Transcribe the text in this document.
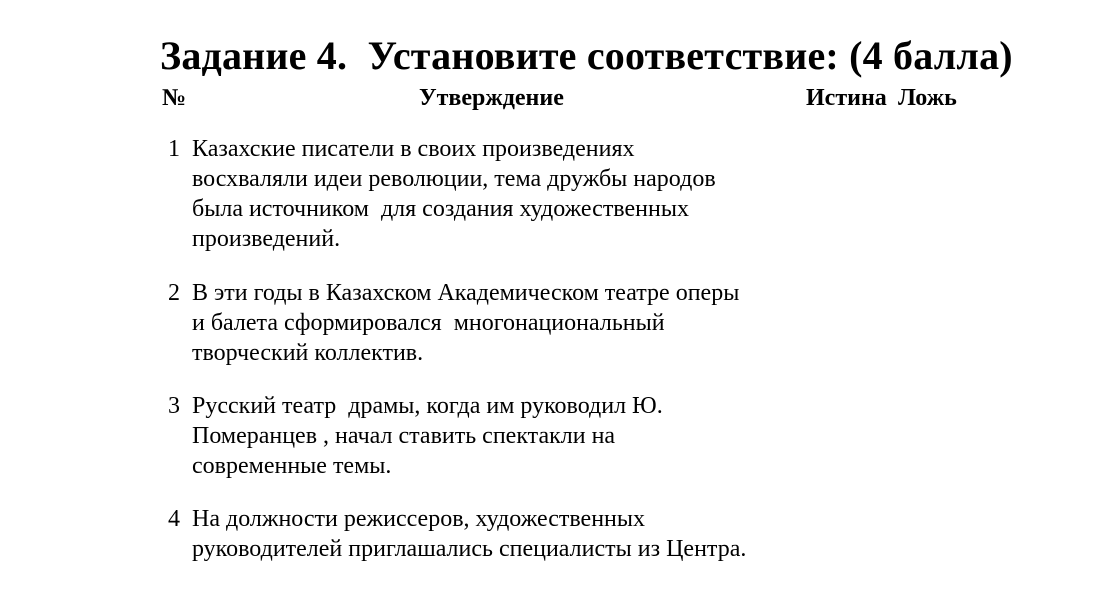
Задание 4.  Установите соответствие: (4 балла)
№	Утверждение	Истина Ложь
1 Казахские писатели в своих произведениях
восхваляли идеи революции, тема дружбы народов
была источником  для создания художественных
произведений.
2 В эти годы в Казахском Академическом театре оперы
и балета сформировался  многонациональный
творческий коллектив.
3 Русский театр  драмы, когда им руководил Ю.
Померанцев , начал ставить спектакли на
современные темы.
4 На должности режиссеров, художественных
руководителей приглашались специалисты из Центра.
